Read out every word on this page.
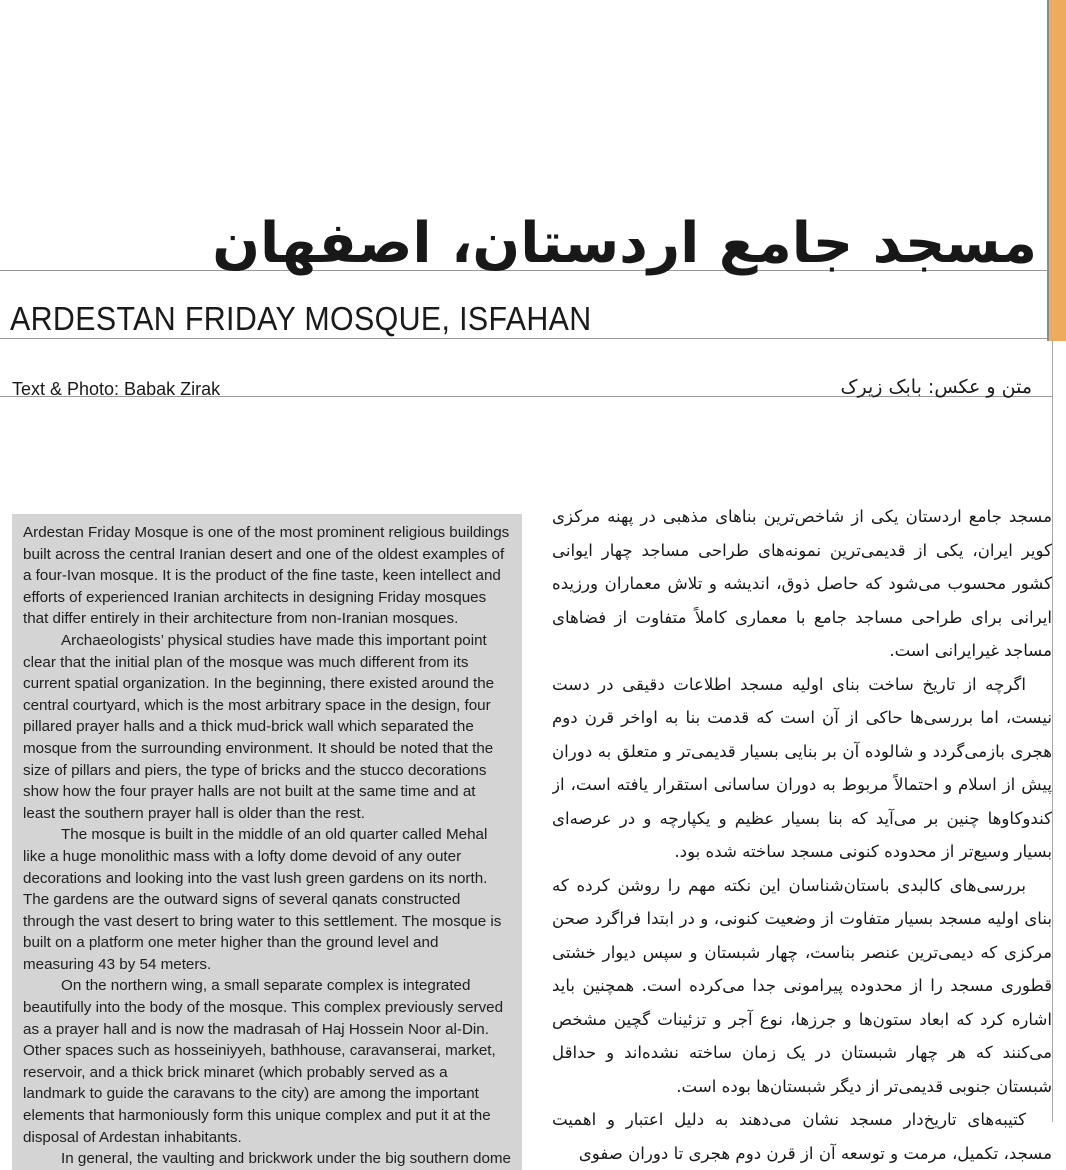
مسجد جامع اردستان، اصفهان
ARDESTAN FRIDAY MOSQUE, ISFAHAN
Text & Photo: Babak Zirak	متن و عکس: بابک زیرک

Ardestan Friday Mosque is one of the most prominent religious buildings built across the central Iranian desert and one of the oldest examples of a four-Ivan mosque. It is the product of the fine taste, keen intellect and efforts of experienced Iranian architects in designing Friday mosques that differ entirely in their architecture from non-Iranian mosques.

Archaeologists’ physical studies have made this important point clear that the initial plan of the mosque was much different from its current spatial organization. In the beginning, there existed around the central courtyard, which is the most arbitrary space in the design, four pillared prayer halls and a thick mud-brick wall which separated the mosque from the surrounding environment. It should be noted that the size of pillars and piers, the type of bricks and the stucco decorations show how the four prayer halls are not built at the same time and at least the southern prayer hall is older than the rest.

The mosque is built in the middle of an old quarter called Mehal like a huge monolithic mass with a lofty dome devoid of any outer decorations and looking into the vast lush green gardens on its north. The gardens are the outward signs of several qanats constructed through the vast desert to bring water to this settlement. The mosque is built on a platform one meter higher than the ground level and measuring 43 by 54 meters.

On the northern wing, a small separate complex is integrated beautifully into the body of the mosque. This complex previously served as a prayer hall and is now the madrasah of Haj Hossein Noor al-Din. Other spaces such as hosseiniyyeh, bathhouse, caravanserai, market, reservoir, and a thick brick minaret (which probably served as a landmark to guide the caravans to the city) are among the important elements that harmoniously form this unique complex and put it at the disposal of Ardestan inhabitants.

In general, the vaulting and brickwork under the big southern dome

مسجد جامع اردستان یکی از شاخص‌ترین بناهای مذهبی در پهنه مرکزی کویر ایران، یکی از قدیمی‌ترین نمونه‌های طراحی مساجد چهار ایوانی کشور محسوب می‌شود که حاصل ذوق، اندیشه و تلاش معماران ورزیده ایرانی برای طراحی مساجد جامع با معماری کاملاً متفاوت از فضاهای مساجد غیرایرانی است.

اگرچه از تاریخ ساخت بنای اولیه مسجد اطلاعات دقیقی در دست نیست، اما بررسی‌ها حاکی از آن است که قدمت بنا به اواخر قرن دوم هجری بازمی‌گردد و شالوده آن بر بنایی بسیار قدیمی‌تر و متعلق به دوران پیش از اسلام و احتمالاً مربوط به دوران ساسانی استقرار یافته است، از کندوکاوها چنین بر می‌آید که بنا بسیار عظیم و یکپارچه و در عرصه‌ای بسیار وسیع‌تر از محدوده کنونی مسجد ساخته شده بود.

بررسی‌های کالبدی باستان‌شناسان این نکته مهم را روشن کرده که بنای اولیه مسجد بسیار متفاوت از وضعیت کنونی، و در ابتدا فراگرد صحن مرکزی که دیمی‌ترین عنصر بناست، چهار شبستان و سپس دیوار خشتی قطوری مسجد را از محدوده پیرامونی جدا می‌کرده است. همچنین باید اشاره کرد که ابعاد ستون‌ها و جرزها، نوع آجر و تزئینات گچین مشخص می‌کنند که هر چهار شبستان در یک زمان ساخته نشده‌اند و حداقل شبستان جنوبی قدیمی‌تر از دیگر شبستان‌ها بوده است.

کتیبه‌های تاریخ‌دار مسجد نشان می‌دهند به دلیل اعتبار و اهمیت مسجد، تکمیل، مرمت و توسعه آن از قرن دوم هجری تا دوران صفوی
